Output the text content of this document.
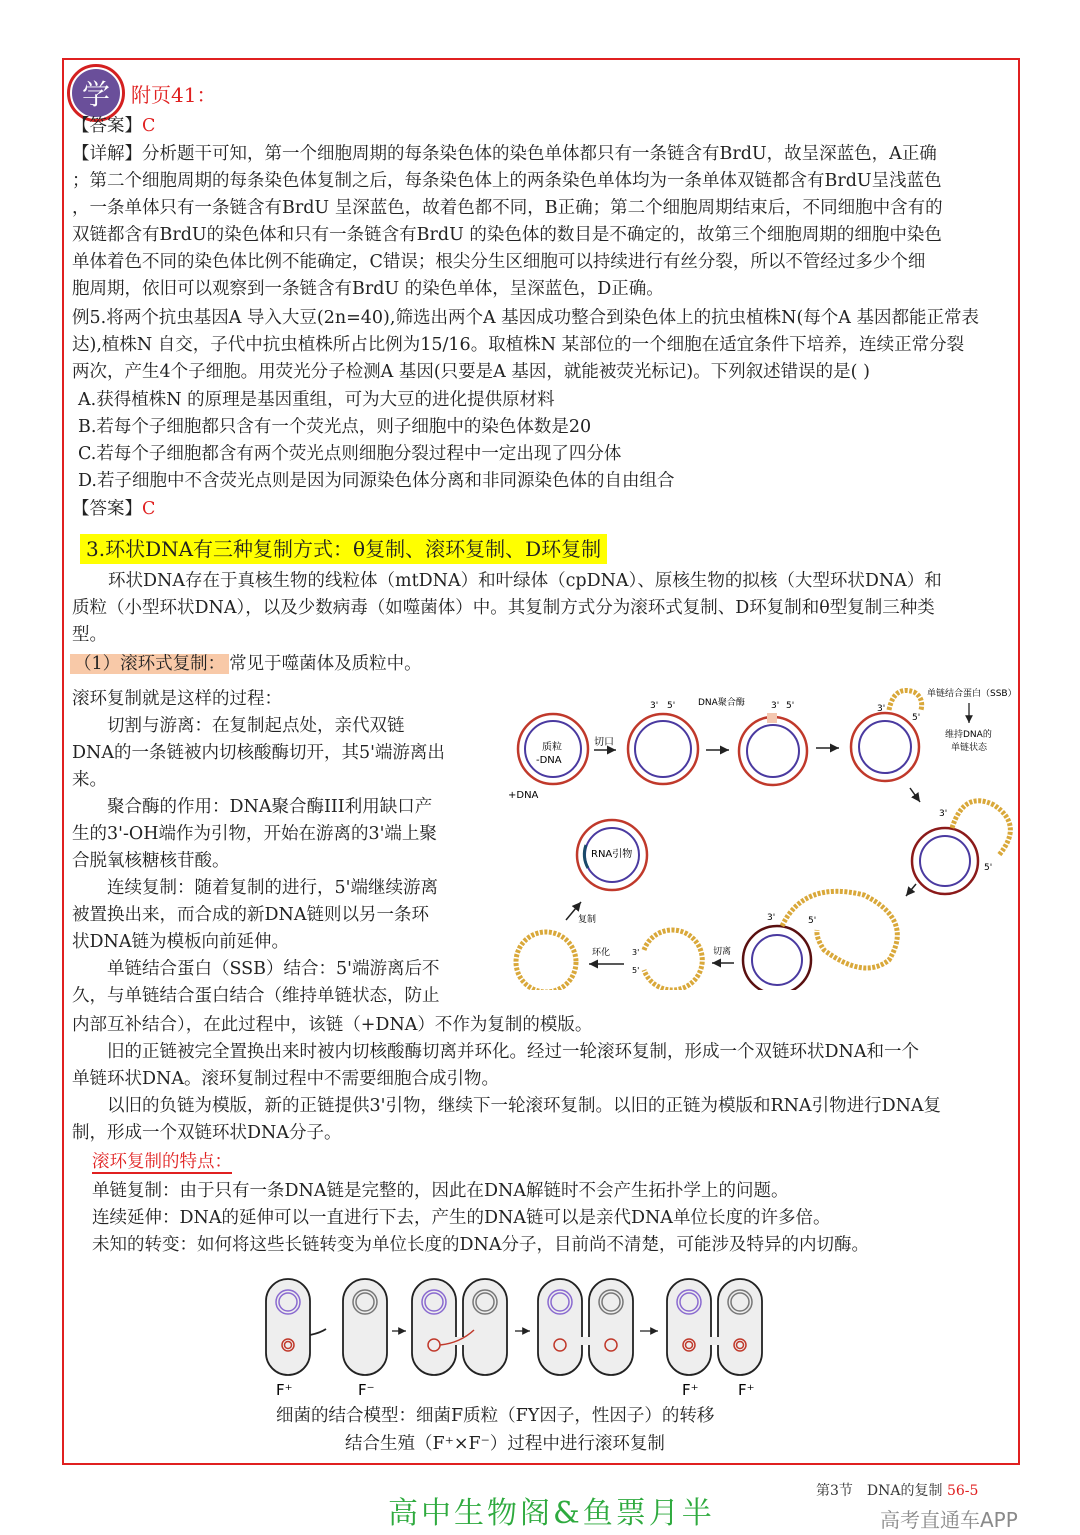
学	附页41：
【答案】C
【详解】分析题干可知，第一个细胞周期的每条染色体的染色单体都只有一条链含有BrdU，故呈深蓝色，A正确
；第二个细胞周期的每条染色体复制之后，每条染色体上的两条染色单体均为一条单体双链都含有BrdU呈浅蓝色
，一条单体只有一条链含有BrdU 呈深蓝色，故着色都不同，B正确；第二个细胞周期结束后，不同细胞中含有的
双链都含有BrdU的染色体和只有一条链含有BrdU 的染色体的数目是不确定的，故第三个细胞周期的细胞中染色
单体着色不同的染色体比例不能确定，C错误；根尖分生区细胞可以持续进行有丝分裂，所以不管经过多少个细
胞周期，依旧可以观察到一条链含有BrdU 的染色单体，呈深蓝色，D正确。
例5.将两个抗虫基因A 导入大豆(2n=40),筛选出两个A 基因成功整合到染色体上的抗虫植株N(每个A 基因都能正常表
达),植株N 自交，子代中抗虫植株所占比例为15/16。取植株N 某部位的一个细胞在适宜条件下培养，连续正常分裂
两次，产生4个子细胞。用荧光分子检测A 基因(只要是A 基因，就能被荧光标记)。下列叙述错误的是( )
A.获得植株N 的原理是基因重组，可为大豆的进化提供原材料
B.若每个子细胞都只含有一个荧光点，则子细胞中的染色体数是20
C.若每个子细胞都含有两个荧光点则细胞分裂过程中一定出现了四分体
D.若子细胞中不含荧光点则是因为同源染色体分离和非同源染色体的自由组合
【答案】C
3.环状DNA有三种复制方式：θ复制、滚环复制、D环复制
环状DNA存在于真核生物的线粒体（mtDNA）和叶绿体（cpDNA）、原核生物的拟核（大型环状DNA）和
质粒（小型环状DNA），以及少数病毒（如噬菌体）中。其复制方式分为滚环式复制、D环复制和θ型复制三种类
型。
（1）滚环式复制： 常见于噬菌体及质粒中。
滚环复制就是这样的过程：
　　切割与游离：在复制起点处，亲代双链
DNA的一条链被内切核酸酶切开，其5'端游离出
来。
　　聚合酶的作用：DNA聚合酶III利用缺口产
生的3'-OH端作为引物，开始在游离的3'端上聚
合脱氧核糖核苷酸。
　　连续复制：随着复制的进行，5'端继续游离
被置换出来，而合成的新DNA链则以另一条环
状DNA链为模板向前延伸。
　　单链结合蛋白（SSB）结合：5'端游离后不
久，与单链结合蛋白结合（维持单链状态，防止
内部互补结合），在此过程中，该链（+DNA）不作为复制的模版。
　　旧的正链被完全置换出来时被内切核酸酶切离并环化。经过一轮滚环复制，形成一个双链环状DNA和一个
单链环状DNA。滚环复制过程中不需要细胞合成引物。
　　以旧的负链为模版，新的正链提供3'引物，继续下一轮滚环复制。以旧的正链为模版和RNA引物进行DNA复
制，形成一个双链环状DNA分子。
滚环复制的特点：
单链复制：由于只有一条DNA链是完整的，因此在DNA解链时不会产生拓扑学上的问题。
连续延伸：DNA的延伸可以一直进行下去，产生的DNA链可以是亲代DNA单位长度的许多倍。
未知的转变：如何将这些长链转变为单位长度的DNA分子，目前尚不清楚，可能涉及特异的内切酶。
质粒
-DNA
+DNA
切口
3' 5'	DNA聚合酶	3' 5'	3'
5'
单链结合蛋白（SSB）
维持DNA的
单链状态
3'
5'
3'	5'
切离
3'
5'
环化
复制
RNA引物
F⁺	F⁻	F⁺	F⁺
细菌的结合模型：细菌F质粒（FY因子，性因子）的转移
结合生殖（F⁺×F⁻）过程中进行滚环复制
高中生物阁&鱼票月半
第3节　DNA的复制 56-5
高考直通车APP
